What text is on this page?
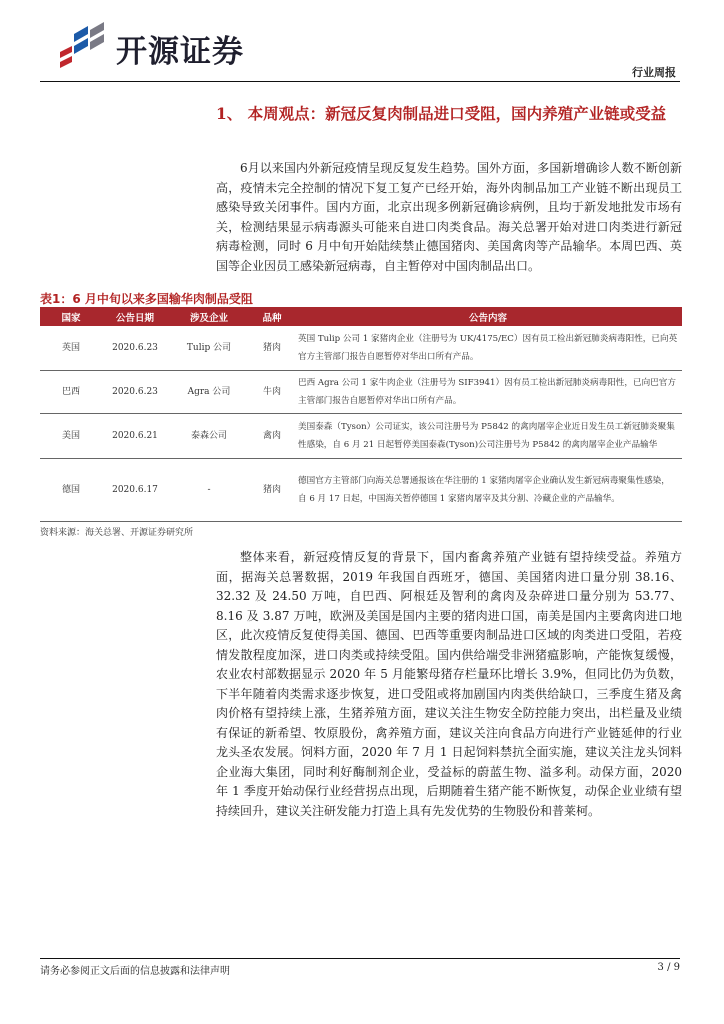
开源证券
行业周报
1、 本周观点：新冠反复肉制品进口受阻，国内养殖产业链或受益
6月以来国内外新冠疫情呈现反复发生趋势。国外方面，多国新增确诊人数不断创新高，疫情未完全控制的情况下复工复产已经开始，海外肉制品加工产业链不断出现员工感染导致关闭事件。国内方面，北京出现多例新冠确诊病例，且均于新发地批发市场有关，检测结果显示病毒源头可能来自进口肉类食品。海关总署开始对进口肉类进行新冠病毒检测，同时 6 月中旬开始陆续禁止德国猪肉、美国禽肉等产品输华。本周巴西、英国等企业因员工感染新冠病毒，自主暂停对中国肉制品出口。
表1：6 月中旬以来多国输华肉制品受阻
国家	公告日期	涉及企业	品种	公告内容
英国	2020.6.23	Tulip 公司	猪肉	英国 Tulip 公司 1 家猪肉企业（注册号为 UK/4175/EC）因有员工检出新冠肺炎病毒阳性，已向英官方主管部门报告自愿暂停对华出口所有产品。
巴西	2020.6.23	Agra 公司	牛肉	巴西 Agra 公司 1 家牛肉企业（注册号为 SIF3941）因有员工检出新冠肺炎病毒阳性，已向巴官方主管部门报告自愿暂停对华出口所有产品。
美国	2020.6.21	泰森公司	禽肉	美国泰森（Tyson）公司证实，该公司注册号为 P5842 的禽肉屠宰企业近日发生员工新冠肺炎聚集性感染，自 6 月 21 日起暂停美国泰森(Tyson)公司注册号为 P5842 的禽肉屠宰企业产品输华
德国	2020.6.17	-	猪肉	德国官方主管部门向海关总署通报该在华注册的 1 家猪肉屠宰企业确认发生新冠病毒聚集性感染，自 6 月 17 日起，中国海关暂停德国 1 家猪肉屠宰及其分割、冷藏企业的产品输华。
资料来源：海关总署、开源证券研究所
整体来看，新冠疫情反复的背景下，国内畜禽养殖产业链有望持续受益。养殖方面，据海关总署数据，2019 年我国自西班牙，德国、美国猪肉进口量分别 38.16、32.32 及 24.50 万吨，自巴西、阿根廷及智利的禽肉及杂碎进口量分别为 53.77、8.16 及 3.87 万吨，欧洲及美国是国内主要的猪肉进口国，南美是国内主要禽肉进口地区，此次疫情反复使得美国、德国、巴西等重要肉制品进口区域的肉类进口受阻，若疫情发散程度加深，进口肉类或持续受阻。国内供给端受非洲猪瘟影响，产能恢复缓慢，农业农村部数据显示 2020 年 5 月能繁母猪存栏量环比增长 3.9%，但同比仍为负数，下半年随着肉类需求逐步恢复，进口受阻或将加剧国内肉类供给缺口，三季度生猪及禽肉价格有望持续上涨，生猪养殖方面，建议关注生物安全防控能力突出，出栏量及业绩有保证的新希望、牧原股份，禽养殖方面，建议关注向食品方向进行产业链延伸的行业龙头圣农发展。饲料方面，2020 年 7 月 1 日起饲料禁抗全面实施，建议关注龙头饲料企业海大集团，同时利好酶制剂企业，受益标的蔚蓝生物、溢多利。动保方面，2020 年 1 季度开始动保行业经营拐点出现，后期随着生猪产能不断恢复，动保企业业绩有望持续回升，建议关注研发能力打造上具有先发优势的生物股份和普莱柯。
请务必参阅正文后面的信息披露和法律声明	3 / 9
